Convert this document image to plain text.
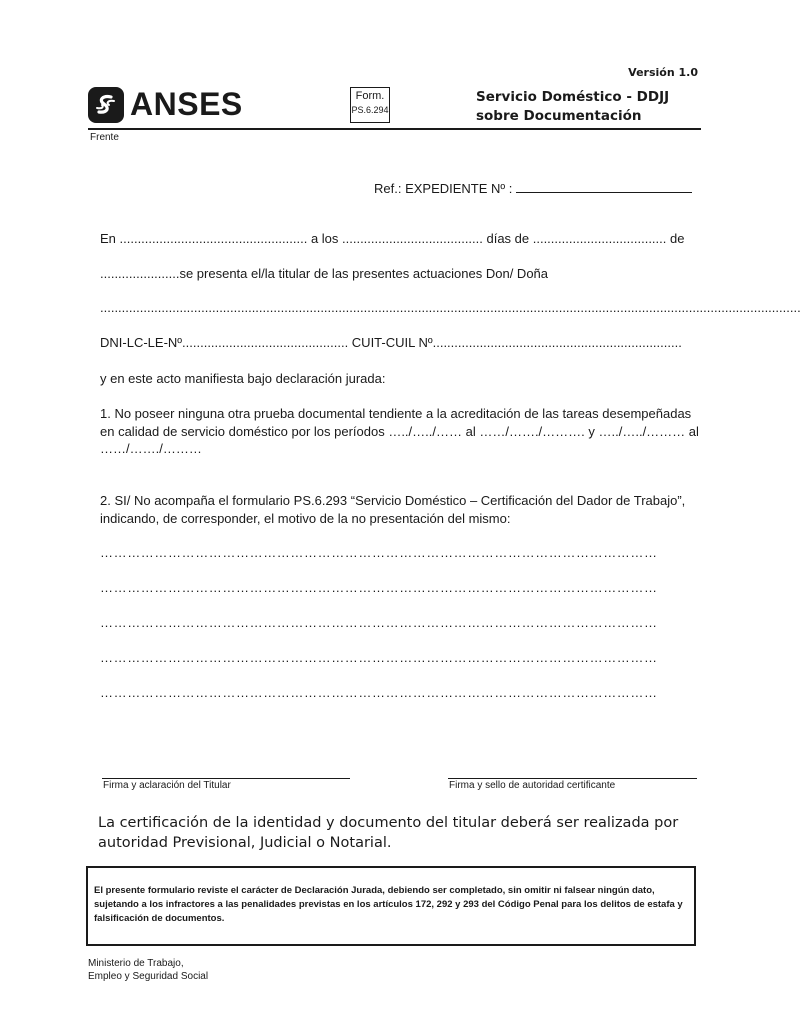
Versión 1.0
ANSES	Form.
PS.6.294
Servicio Doméstico - DDJJ
sobre Documentación
Frente
Ref.: EXPEDIENTE Nº :
En .................................................... a los ....................................... días de ..................................... de
......................se presenta el/la titular de las presentes actuaciones Don/ Doña
..................................................................................................................................................................................................
DNI-LC-LE-Nº.............................................. CUIT-CUIL Nº.....................................................................
y en este acto manifiesta bajo declaración jurada:
1. No poseer ninguna otra prueba documental tendiente a la acreditación de las tareas desempeñadas en calidad de servicio doméstico por los períodos …../…../…… al ……/……./………. y …../…../……… al ……/……./………
2. SI/ No acompaña el formulario PS.6.293 “Servicio Doméstico – Certificación del Dador de Trabajo”, indicando, de corresponder, el motivo de la no presentación del mismo:
……………………………………………………………………………………………………………
……………………………………………………………………………………………………………
……………………………………………………………………………………………………………
……………………………………………………………………………………………………………
……………………………………………………………………………………………………………
Firma y aclaración del Titular	Firma y sello de autoridad certificante
La certificación de la identidad y documento del titular deberá ser realizada por autoridad Previsional, Judicial o Notarial.
El presente formulario reviste el carácter de Declaración Jurada, debiendo ser completado, sin omitir ni falsear ningún dato, sujetando a los infractores a las penalidades previstas en los artículos 172, 292 y 293 del Código Penal para los delitos de estafa y falsificación de documentos.
Ministerio de Trabajo,
Empleo y Seguridad Social
